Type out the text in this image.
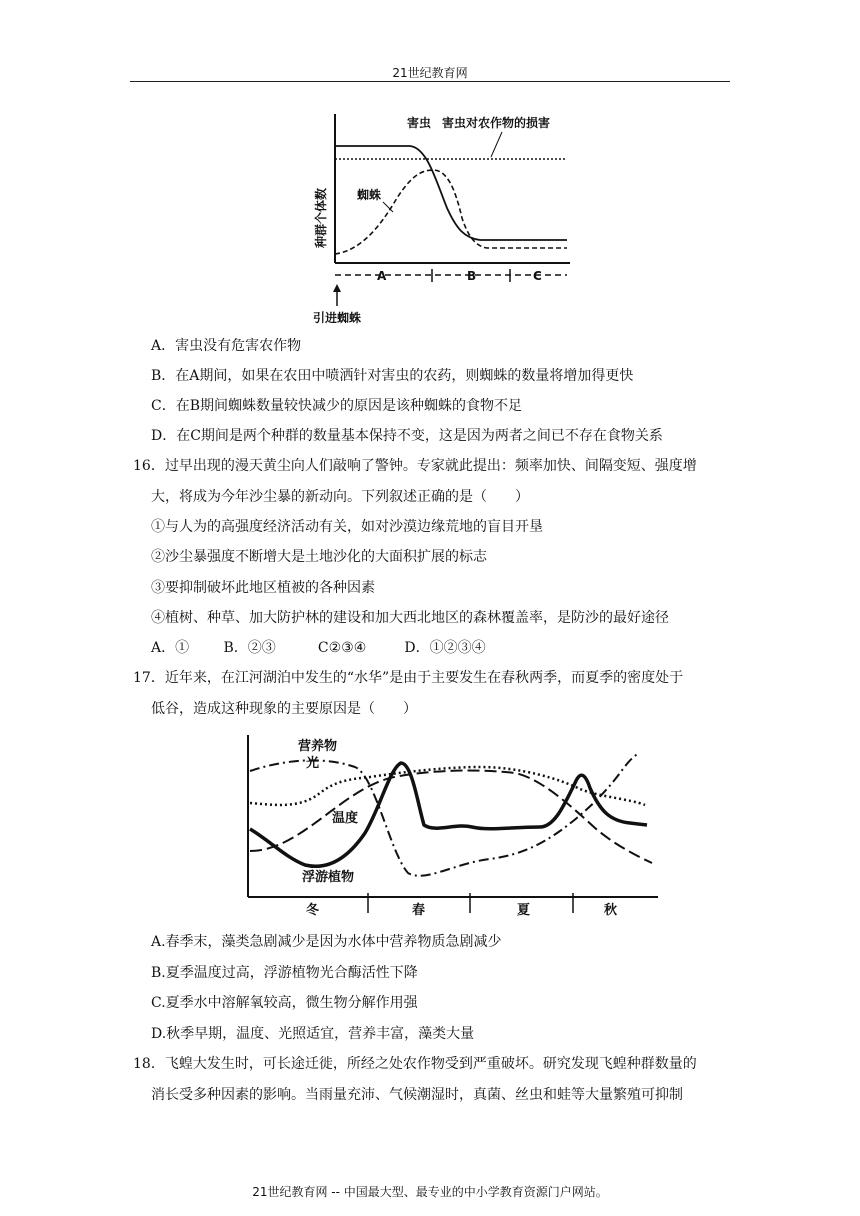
21世纪教育网
种群个体数
害虫 害虫对农作物的损害
蜘蛛
A	B	C
引进蜘蛛
A．害虫没有危害农作物
B．在A期间，如果在农田中喷洒针对害虫的农药，则蜘蛛的数量将增加得更快
C．在B期间蜘蛛数量较快减少的原因是该种蜘蛛的食物不足
D．在C期间是两个种群的数量基本保持不变，这是因为两者之间已不存在食物关系
16．过早出现的漫天黄尘向人们敲响了警钟。专家就此提出：频率加快、间隔变短、强度增
大，将成为今年沙尘暴的新动向。下列叙述正确的是（　　）
①与人为的高强度经济活动有关，如对沙漠边缘荒地的盲目开垦
②沙尘暴强度不断增大是土地沙化的大面积扩展的标志
③要抑制破坏此地区植被的各种因素
④植树、种草、加大防护林的建设和加大西北地区的森林覆盖率，是防沙的最好途径
A．① B．②③	C②③④	D．①②③④
17．近年来，在江河湖泊中发生的“水华”是由于主要发生在春秋两季，而夏季的密度处于
低谷，造成这种现象的主要原因是（　　）
冬	春	夏	秋
营养物
光
温度
浮游植物
A.春季末，藻类急剧减少是因为水体中营养物质急剧减少
B.夏季温度过高，浮游植物光合酶活性下降
C.夏季水中溶解氧较高，微生物分解作用强
D.秋季早期，温度、光照适宜，营养丰富，藻类大量
18．飞蝗大发生时，可长途迁徙，所经之处农作物受到严重破坏。研究发现飞蝗种群数量的
消长受多种因素的影响。当雨量充沛、气候潮湿时，真菌、丝虫和蛙等大量繁殖可抑制
21世纪教育网 -- 中国最大型、最专业的中小学教育资源门户网站。
